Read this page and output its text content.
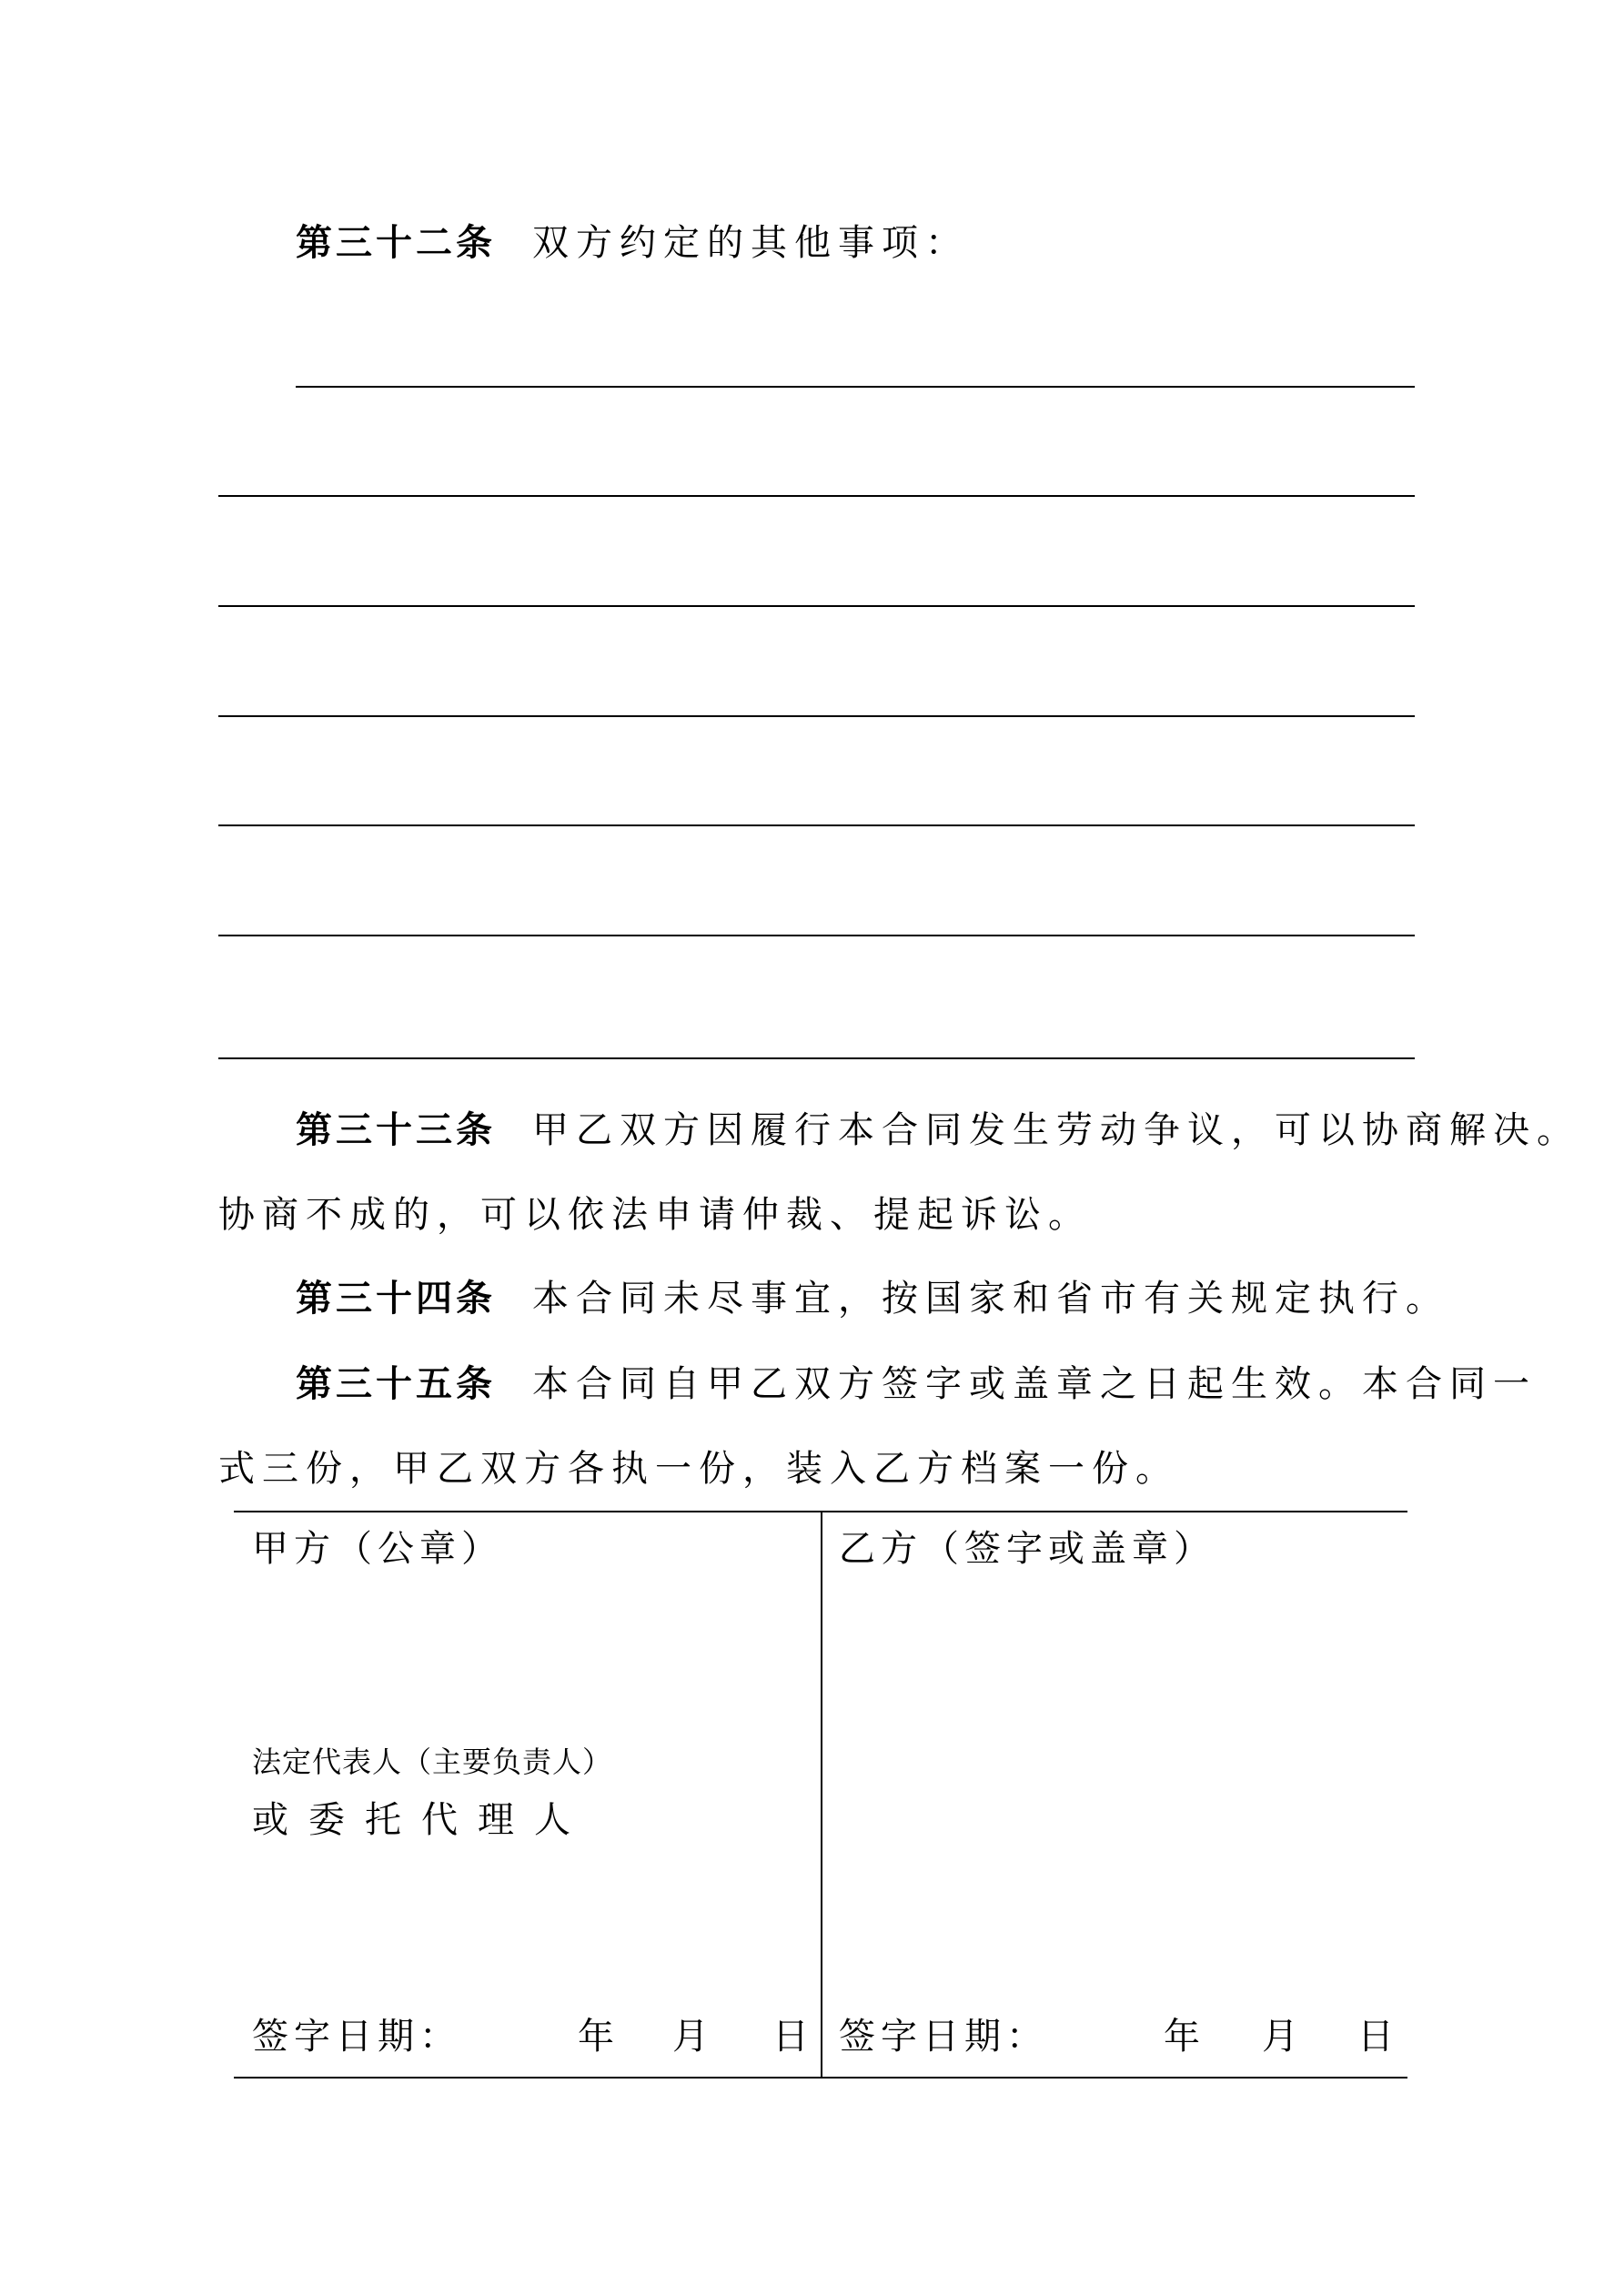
第三十二条 双方约定的其他事项：
第三十三条 甲乙双方因履行本合同发生劳动争议，可以协商解决。
协商不成的，可以依法申请仲裁、提起诉讼。
第三十四条 本合同未尽事宜，按国家和省市有关规定执行。
第三十五条 本合同自甲乙双方签字或盖章之日起生效。本合同一
式三份，甲乙双方各执一份，装入乙方档案一份。
甲方（公章）
法定代表人（主要负责人）
或委托代理人
签字日期：	年 月 日
乙方（签字或盖章）
签字日期：	年 月 日
